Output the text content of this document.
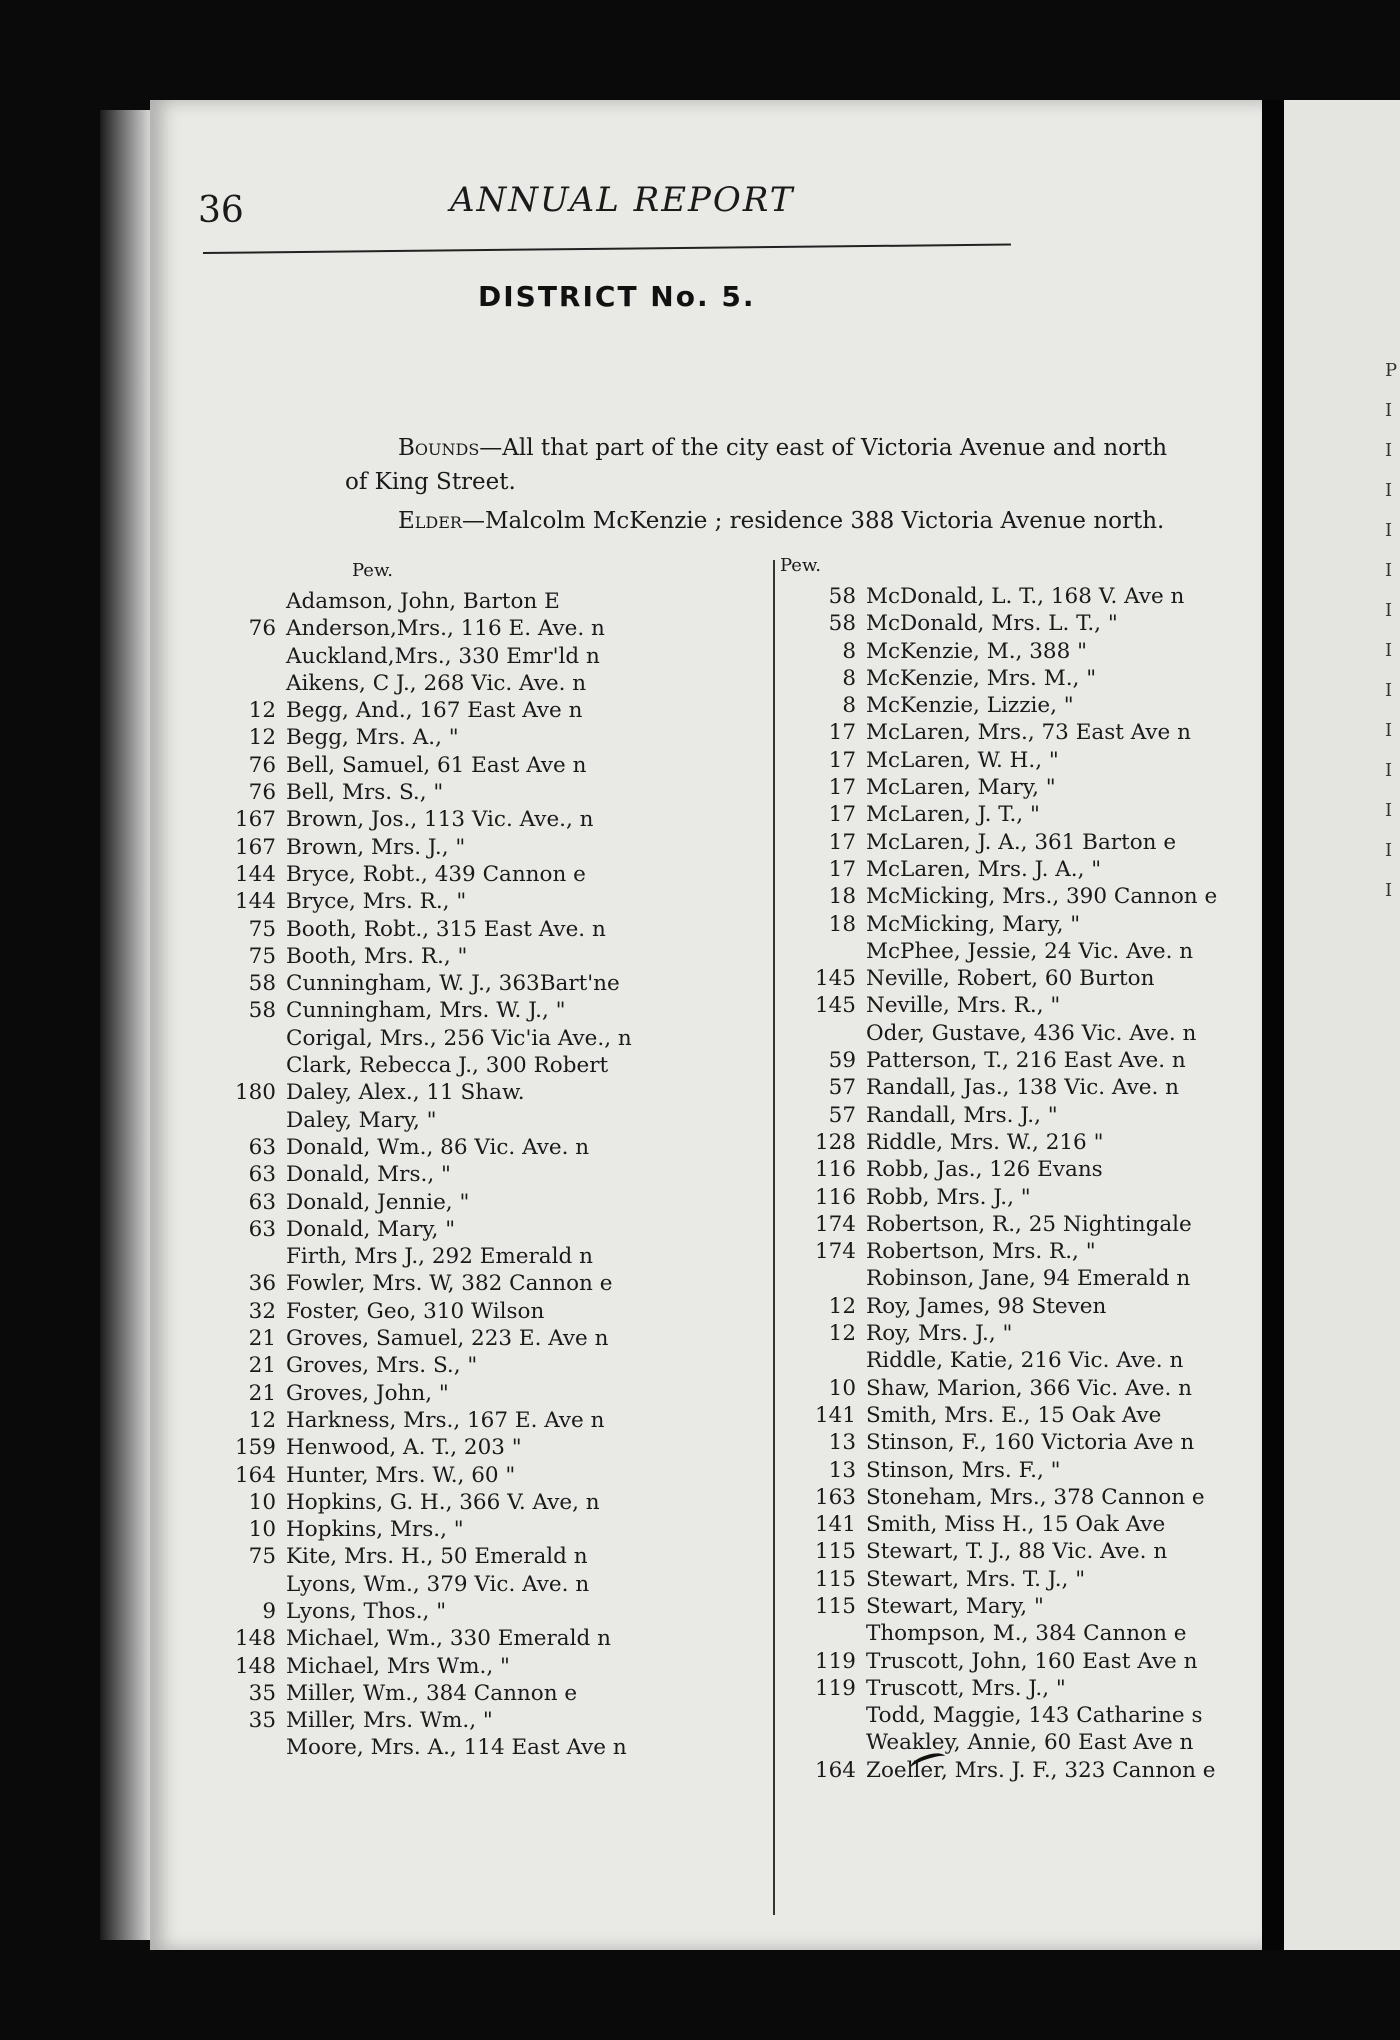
36	ANNUAL REPORT
DISTRICT No. 5.
Bounds—All that part of the city east of Victoria Avenue and north
of King Street.
Elder—Malcolm McKenzie ; residence 388 Victoria Avenue north.
Pew.
Adamson, John, Barton E
76 Anderson,Mrs., 116 E. Ave. n
Auckland,Mrs., 330 Emr'ld n
Aikens, C J., 268 Vic. Ave. n
12 Begg, And., 167 East Ave n
12 Begg, Mrs. A., "
76 Bell, Samuel, 61 East Ave n
76 Bell, Mrs. S., "
167 Brown, Jos., 113 Vic. Ave., n
167 Brown, Mrs. J., "
144 Bryce, Robt., 439 Cannon e
144 Bryce, Mrs. R., "
75 Booth, Robt., 315 East Ave. n
75 Booth, Mrs. R., "
58 Cunningham, W. J., 363Bart'ne
58 Cunningham, Mrs. W. J., "
Corigal, Mrs., 256 Vic'ia Ave., n
Clark, Rebecca J., 300 Robert
180 Daley, Alex., 11 Shaw.
Daley, Mary, "
63 Donald, Wm., 86 Vic. Ave. n
63 Donald, Mrs., "
63 Donald, Jennie, "
63 Donald, Mary, "
Firth, Mrs J., 292 Emerald n
36 Fowler, Mrs. W, 382 Cannon e
32 Foster, Geo, 310 Wilson
21 Groves, Samuel, 223 E. Ave n
21 Groves, Mrs. S., "
21 Groves, John, "
12 Harkness, Mrs., 167 E. Ave n
159 Henwood, A. T., 203 "
164 Hunter, Mrs. W., 60 "
10 Hopkins, G. H., 366 V. Ave, n
10 Hopkins, Mrs., "
75 Kite, Mrs. H., 50 Emerald n
Lyons, Wm., 379 Vic. Ave. n
9 Lyons, Thos., "
148 Michael, Wm., 330 Emerald n
148 Michael, Mrs Wm., "
35 Miller, Wm., 384 Cannon e
35 Miller, Mrs. Wm., "
Moore, Mrs. A., 114 East Ave n
Pew.
58 McDonald, L. T., 168 V. Ave n
58 McDonald, Mrs. L. T., "
8 McKenzie, M., 388 "
8 McKenzie, Mrs. M., "
8 McKenzie, Lizzie, "
17 McLaren, Mrs., 73 East Ave n
17 McLaren, W. H., "
17 McLaren, Mary, "
17 McLaren, J. T., "
17 McLaren, J. A., 361 Barton e
17 McLaren, Mrs. J. A., "
18 McMicking, Mrs., 390 Cannon e
18 McMicking, Mary, "
McPhee, Jessie, 24 Vic. Ave. n
145 Neville, Robert, 60 Burton
145 Neville, Mrs. R., "
Oder, Gustave, 436 Vic. Ave. n
59 Patterson, T., 216 East Ave. n
57 Randall, Jas., 138 Vic. Ave. n
57 Randall, Mrs. J., "
128 Riddle, Mrs. W., 216 "
116 Robb, Jas., 126 Evans
116 Robb, Mrs. J., "
174 Robertson, R., 25 Nightingale
174 Robertson, Mrs. R., "
Robinson, Jane, 94 Emerald n
12 Roy, James, 98 Steven
12 Roy, Mrs. J., "
Riddle, Katie, 216 Vic. Ave. n
10 Shaw, Marion, 366 Vic. Ave. n
141 Smith, Mrs. E., 15 Oak Ave
13 Stinson, F., 160 Victoria Ave n
13 Stinson, Mrs. F., "
163 Stoneham, Mrs., 378 Cannon e
141 Smith, Miss H., 15 Oak Ave
115 Stewart, T. J., 88 Vic. Ave. n
115 Stewart, Mrs. T. J., "
115 Stewart, Mary, "
Thompson, M., 384 Cannon e
119 Truscott, John, 160 East Ave n
119 Truscott, Mrs. J., "
Todd, Maggie, 143 Catharine s
Weakley, Annie, 60 East Ave n
164 Zoeller, Mrs. J. F., 323 Cannon e
P
I
I
I
I
I
I
I
I
I
I
I
I
I
